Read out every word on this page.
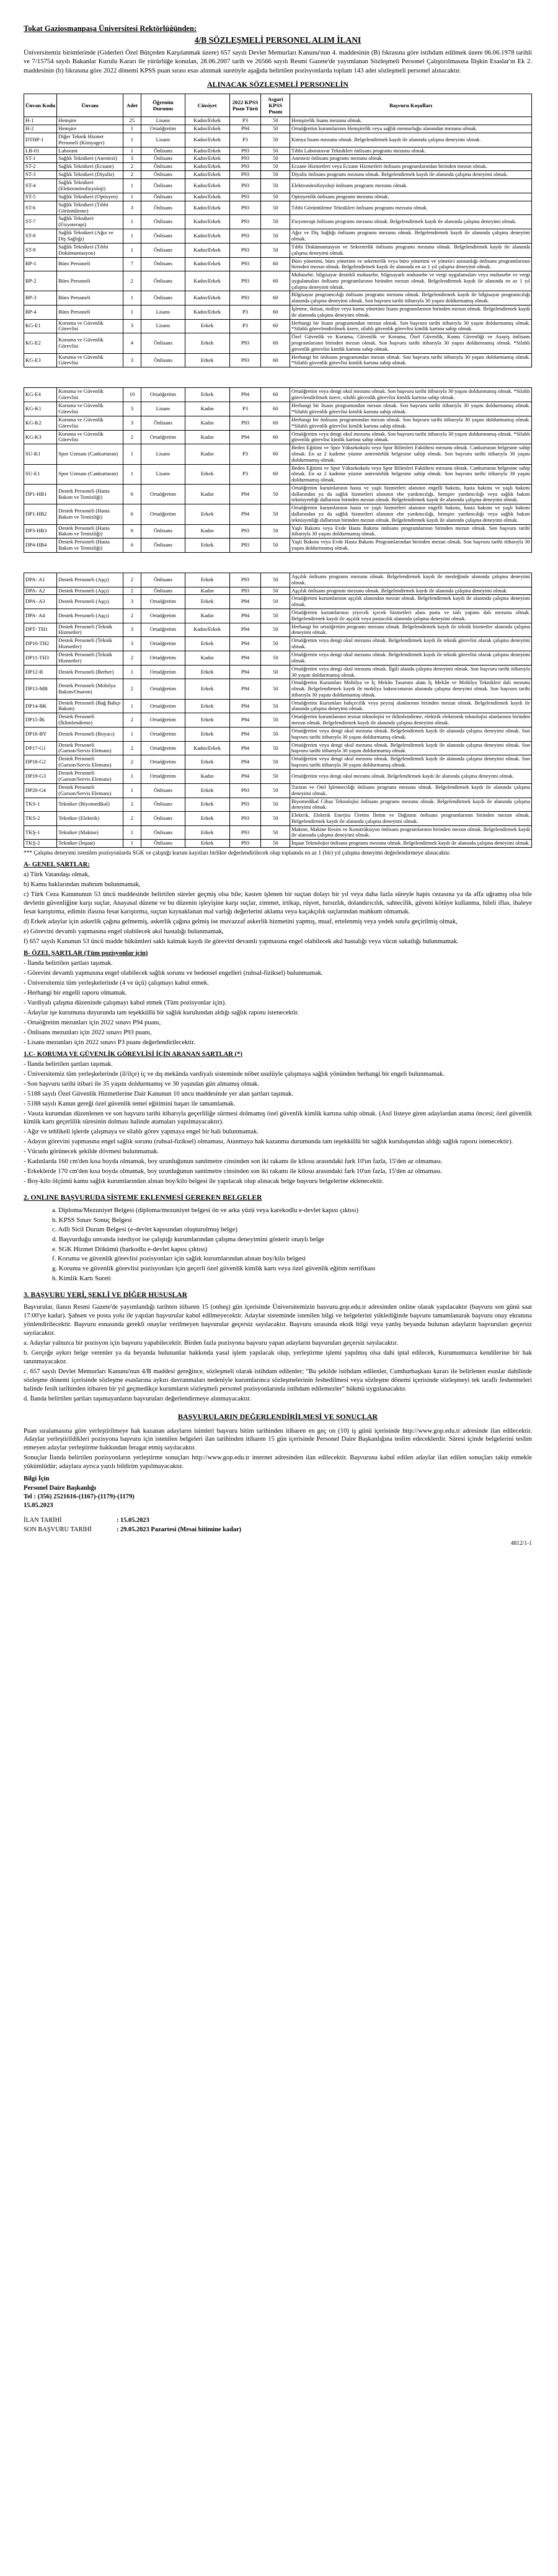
Tokat Gaziosmanpaşa Üniversitesi Rektörlüğünden:
4/B SÖZLEŞMELİ PERSONEL ALIM İLANI

Üniversitemiz birimlerinde (Giderleri Özel Bütçeden Karşılanmak üzere) 657 sayılı Devlet Memurları Kanunu'nun 4. maddesinin (B) fıkrasına göre istihdam edilmek üzere 06.06.1978 tarihli ve 7/15754 sayılı Bakanlar Kurulu Kararı ile yürürlüğe konulan, 28.06.2007 tarih ve 26566 sayılı Resmi Gazete'de yayımlanan Sözleşmeli Personel Çalıştırılmasına İlişkin Esaslar'ın Ek 2. maddesinin (b) fıkrasına göre 2022 dönemi KPSS puan sırası esas alınmak suretiyle aşağıda belirtilen pozisyonlarda toplam 143 adet sözleşmeli personel alınacaktır.

ALINACAK SÖZLEŞMELİ PERSONELİN
Ünvan Kodu	Ünvanı	Adet	Öğrenim Durumu	Cinsiyet	2022 KPSS Puan Türü	Asgari KPSS Puanı	Başvuru Koşulları
H-1	Hemşire	25	Lisans	Kadın/Erkek	P3	50	Hemşirelik lisans mezunu olmak.
H-2	Hemşire	1	Ortaöğretim	Kadın/Erkek	P94	50	Ortaöğretim kurumlarının Hemşirelik veya sağlık memurluğu alanından mezunu olmak.
DTHP-1	Diğer Teknik Hizmet Personeli (Kimyager)	1	Lisans	Kadın/Erkek	P3	50	Kimya lisans mezunu olmak. Belgelendirmek kaydı ile alanında çalışma deneyimi olmak.
LB-01	Laborant	1	Önlisans	Kadın/Erkek	P93	50	Tıbbi Laboratuvar Teknikleri önlisans programı mezunu olmak.
ST-1	Sağlık Teknikeri (Anestezi)	3	Önlisans	Kadın/Erkek	P93	50	Anestezi önlisans programı mezunu olmak.
ST-2	Sağlık Teknikeri (Eczane)	2	Önlisans	Kadın/Erkek	P93	50	Eczane Hizmetleri veya Eczane Hizmetleri önlisans programlarından birinden mezun olmak.
ST-3	Sağlık Teknikeri (Diyaliz)	2	Önlisans	Kadın/Erkek	P93	50	Diyaliz önlisans programı mezunu olmak. Belgelendirmek kaydı ile alanında çalışma deneyimi olmak.
ST-4	Sağlık Teknikeri (Elektronörofizyoloji)	1	Önlisans	Kadın/Erkek	P93	50	Elektronörofizyoloji önlisans programı mezunu olmak.
ST-5	Sağlık Teknikeri (Optisyen)	1	Önlisans	Kadın/Erkek	P93	50	Optisyenlik önlisans programı mezunu olmak.
ST-6	Sağlık Teknikeri (Tıbbi Görüntüleme)	3	Önlisans	Kadın/Erkek	P93	50	Tıbbi Görüntüleme Teknikleri önlisans programı mezunu olmak.
ST-7	Sağlık Teknikeri (Fizyoterapi)	1	Önlisans	Kadın/Erkek	P93	50	Fizyoterapi önlisans programı mezunu olmak. Belgelendirmek kaydı ile alanında çalışma deneyimi olmak.
ST-8	Sağlık Teknikeri (Ağız ve Diş Sağlığı)	1	Önlisans	Kadın/Erkek	P93	50	Ağız ve Diş Sağlığı önlisans programı mezunu olmak. Belgelendirmek kaydı ile alanında çalışma deneyimi olmak.
ST-9	Sağlık Teknikeri (Tıbbi Dokümantasyon)	1	Önlisans	Kadın/Erkek	P93	50	Tıbbi Dokümantasyon ve Sekreterlik önlisans programı mezunu olmak. Belgelendirmek kaydı ile alanında çalışma deneyimi olmak.
BP-1	Büro Personeli	7	Önlisans	Kadın/Erkek	P93	60	Büro yönetimi, büro yönetimi ve sekreterlik veya büro yönetimi ve yönetici asistanlığı önlisans programlarının birinden mezun olmak. Belgelendirmek kaydı ile alanında en az 1 yıl çalışma deneyimi olmak.
BP-2	Büro Personeli	2	Önlisans	Kadın/Erkek	P93	60	Muhasebe, bilgisayar destekli muhasebe, bilgisayarlı muhasebe ve vergi uygulamaları veya muhasebe ve vergi uygulamaları önlisans programlarının birinden mezun olmak. Belgelendirmek kaydı ile alanında en az 1 yıl çalışma deneyimi olmak.
BP-3	Büro Personeli	1	Önlisans	Kadın/Erkek	P93	60	Bilgisayar programcılığı önlisans programı mezunu olmak. Belgelendirmek kaydı ile bilgisayar programcılığı alanında çalışma deneyimi olmak. Son başvuru tarihi itibarıyla 30 yaşını doldurmamış olmak.
BP-4	Büro Personeli	1	Lisans	Kadın/Erkek	P3	60	İşletme, iktisat, maliye veya kamu yönetimi lisans programlarının birinden mezun olmak. Belgelendirmek kaydı ile alanında çalışma deneyimi olmak.
KG-E1	Koruma ve Güvenlik Görevlisi	3	Lisans	Erkek	P3	60	Herhangi bir lisans programından mezun olmak. Son başvuru tarihi itibarıyla 30 yaşını doldurmamış olmak. *Silahlı görevlendirilmek üzere, silahlı güvenlik görevlisi kimlik kartına sahip olmak.
KG-E2	Koruma ve Güvenlik Görevlisi	4	Önlisans	Erkek	P93	60	Özel Güvenlik ve Koruma, Güvenlik ve Koruma, Özel Güvenlik, Kamu Güvenliği ve Asayiş önlisans programlarının birinden mezun olmak. Son başvuru tarihi itibarıyla 30 yaşını doldurmamış olmak. *Silahlı güvenlik görevlisi kimlik kartına sahip olmak.
KG-E3	Koruma ve Güvenlik Görevlisi	3	Önlisans	Erkek	P93	60	Herhangi bir önlisans programından mezun olmak. Son başvuru tarihi itibarıyla 30 yaşını doldurmamış olmak. *Silahlı güvenlik görevlisi kimlik kartına sahip olmak.
KG-E4	Koruma ve Güvenlik Görevlisi	10	Ortaöğretim	Erkek	P94	60	Ortaöğretim veya dengi okul mezunu olmak. Son başvuru tarihi itibarıyla 30 yaşını doldurmamış olmak. *Silahlı görevlendirilmek üzere, silahlı güvenlik görevlisi kimlik kartına sahip olmak.
KG-K1	Koruma ve Güvenlik Görevlisi	3	Lisans	Kadın	P3	60	Herhangi bir lisans programından mezun olmak. Son başvuru tarihi itibarıyla 30 yaşını doldurmamış olmak. *Silahlı güvenlik görevlisi kimlik kartına sahip olmak.
KG-K2	Koruma ve Güvenlik Görevlisi	3	Önlisans	Kadın	P93	60	Herhangi bir önlisans programından mezun olmak. Son başvuru tarihi itibarıyla 30 yaşını doldurmamış olmak. *Silahlı güvenlik görevlisi kimlik kartına sahip olmak.
KG-K3	Koruma ve Güvenlik Görevlisi	2	Ortaöğretim	Kadın	P94	60	Ortaöğretim veya dengi okul mezunu olmak. Son başvuru tarihi itibarıyla 30 yaşını doldurmamış olmak. *Silahlı güvenlik görevlisi kimlik kartına sahip olmak.
SU-K1	Spor Uzmanı (Cankurtaran)	1	Lisans	Kadın	P3	60	Beden Eğitimi ve Spor Yüksekokulu veya Spor Bilimleri Fakültesi mezunu olmak. Cankurtaran belgesine sahip olmak. En az 2 kademe yüzme antrenörlük belgesine sahip olmak. Son başvuru tarihi itibarıyla 30 yaşını doldurmamış olmak.
SU-E1	Spor Uzmanı (Cankurtaran)	1	Lisans	Erkek	P3	60	Beden Eğitimi ve Spor Yüksekokulu veya Spor Bilimleri Fakültesi mezunu olmak. Cankurtaran belgesine sahip olmak. En az 2 kademe yüzme antrenörlük belgesine sahip olmak. Son başvuru tarihi itibarıyla 30 yaşını doldurmamış olmak.
DP1-HB1	Destek Personeli (Hasta Bakım ve Temizliği)	6	Ortaöğretim	Kadın	P94	50	Ortaöğretim kurumlarının hasta ve yaşlı hizmetleri alanının engelli bakımı, hasta bakımı ve yaşlı bakımı dallarından ya da sağlık hizmetleri alanının ebe yardımcılığı, hemşire yardımcılığı veya sağlık bakım teknisyenliği dallarının birinden mezun olmak. Belgelendirmek kaydı ile alanında çalışma deneyimi olmak.
DP1-HB2	Destek Personeli (Hasta Bakım ve Temizliği)	6	Ortaöğretim	Erkek	P94	50	Ortaöğretim kurumlarının hasta ve yaşlı hizmetleri alanının engelli bakımı, hasta bakımı ve yaşlı bakımı dallarından ya da sağlık hizmetleri alanının ebe yardımcılığı, hemşire yardımcılığı veya sağlık bakım teknisyenliği dallarının birinden mezun olmak. Belgelendirmek kaydı ile alanında çalışma deneyimi olmak.
DP3-HB3	Destek Personeli (Hasta Bakım ve Temizliği)	6	Önlisans	Kadın	P93	50	Yaşlı Bakımı veya Evde Hasta Bakımı önlisans programlarının birinden mezun olmak. Son başvuru tarihi itibarıyla 30 yaşını doldurmamış olmak.
DP4-HB4	Destek Personeli (Hasta Bakım ve Temizliği)	6	Önlisans	Erkek	P93	50	Yaşlı Bakımı veya Evde Hasta Bakımı Programlarından birinden mezun olmak. Son başvuru tarihi itibarıyla 30 yaşını doldurmamış olmak.
DPA- A1	Destek Personeli (Aşçı)	2	Önlisans	Erkek	P93	50	Aşçılık önlisans programı mezunu olmak. Belgelendirmek kaydı ile mesleğinde alanında çalışma deneyimi olmak.
DPA- A2	Destek Personeli (Aşçı)	2	Önlisans	Kadın	P93	50	Aşçılık önlisans programı mezunu olmak. Belgelendirmek kaydı ile alanında çalışma deneyimi olmak.
DPA- A3	Destek Personeli (Aşçı)	3	Ortaöğretim	Erkek	P94	50	Ortaöğretim kurumlarının aşçılık alanından mezun olmak. Belgelendirmek kaydı ile alanında çalışma deneyimi olmak.
DPA- A4	Destek Personeli (Aşçı)	2	Ortaöğretim	Kadın	P94	50	Ortaöğretim kurumlarının yiyecek içecek hizmetleri alanı pasta ve tatlı yapımı dalı mezunu olmak. Belgelendirmek kaydı ile aşçılık veya pastacılık alanında çalışma deneyimi olmak.
DPT- TH1	Destek Personeli (Teknik Hizmetler)	3	Ortaöğretim	Kadın/Erkek	P94	50	Herhangi bir ortaöğretim programı mezunu olmak. Belgelendirmek kaydı ile teknik hizmetler alanında çalışma deneyimi olmak.
DP10-TH2	Destek Personeli (Teknik Hizmetler)	3	Ortaöğretim	Erkek	P94	50	Ortaöğretim veya dengi okul mezunu olmak. Belgelendirmek kaydı ile teknik görevlisi olarak çalışma deneyimi olmak.
DP11-TH3	Destek Personeli (Teknik Hizmetler)	2	Ortaöğretim	Kadın	P94	50	Ortaöğretim veya dengi okul mezunu olmak. Belgelendirmek kaydı ile teknik görevlisi olarak çalışma deneyimi olmak.
DP12-B	Destek Personeli (Berber)	1	Ortaöğretim	Erkek	P94	50	Ortaöğretim veya dengi okul mezunu olmak. İlgili alanda çalışma deneyimi olmak. Son başvuru tarihi itibarıyla 30 yaşını doldurmamış olmak.
DP13-MB	Destek Personeli (Mobilya Bakım/Onarım)	2	Ortaöğretim	Erkek	P94	50	Ortaöğretim Kurumları Mobilya ve İç Mekân Tasarımı alanı İç Mekân ve Mobilya Teknikleri dalı mezunu olmak. Belgelendirmek kaydı ile mobilya bakım/onarım alanında çalışma deneyimi olmak. Son başvuru tarihi itibarıyla 30 yaşını doldurmamış olmak.
DP14-BK	Destek Personeli (Bağ Bahçe Bakım)	1	Ortaöğretim	Erkek	P94	50	Ortaöğretim Kurumları bahçecilik veya peyzaj alanlarının birinden mezun olmak. Belgelendirmek kaydı ile alanında çalışma deneyimi olmak.
DP15-İK	Destek Personeli (İklimlendirme)	2	Ortaöğretim	Erkek	P94	50	Ortaöğretim kurumlarının tesisat teknolojisi ve iklimlendirme, elektrik elektronik teknolojisi alanlarının birinden mezun olmak. Belgelendirmek kaydı ile alanında çalışma deneyimi olmak.
DP16-BY	Destek Personeli (Boyacı)	1	Ortaöğretim	Erkek	P94	50	Ortaöğretim veya dengi okul mezunu olmak. Belgelendirmek kaydı ile alanında çalışma deneyimi olmak. Son başvuru tarihi itibarıyla 30 yaşını doldurmamış olmak.
DP17-G1	Destek Personeli (Garson/Servis Elemanı)	2	Ortaöğretim	Kadın/Erkek	P94	50	Ortaöğretim veya dengi okul mezunu olmak. Belgelendirmek kaydı ile alanında çalışma deneyimi olmak. Son başvuru tarihi itibarıyla 30 yaşını doldurmamış olmak.
DP18-G2	Destek Personeli (Garson/Servis Elemanı)	2	Ortaöğretim	Erkek	P94	50	Ortaöğretim veya dengi okul mezunu olmak. Belgelendirmek kaydı ile alanında çalışma deneyimi olmak. Son başvuru tarihi itibarıyla 30 yaşını doldurmamış olmak.
DP19-G3	Destek Personeli (Garson/Servis Elemanı)	1	Ortaöğretim	Kadın	P94	50	Ortaöğretim veya dengi okul mezunu olmak. Belgelendirmek kaydı ile alanında çalışma deneyimi olmak.
DP20-G4	Destek Personeli (Garson/Servis Elemanı)	1	Önlisans	Erkek	P93	50	Turizm ve Otel İşletmeciliği önlisans programı mezunu olmak. Belgelendirmek kaydı ile alanında çalışma deneyimi olmak.
TKS-1	Tekniker (Biyomedikal)	2	Önlisans	Erkek	P93	50	Biyomedikal Cihaz Teknolojisi önlisans programı mezunu olmak. Belgelendirmek kaydı ile alanında çalışma deneyimi olmak.
TKS-2	Tekniker (Elektrik)	2	Önlisans	Erkek	P93	50	Elektrik, Elektrik Enerjisi Üretim İletim ve Dağıtımı önlisans programlarının birinden mezun olmak. Belgelendirmek kaydı ile alanında çalışma deneyimi olmak.
TKŞ-1	Tekniker (Makine)	1	Önlisans	Erkek	P93	50	Makine, Makine Resim ve Konstrüksiyon önlisans programlarının birinden mezun olmak. Belgelendirmek kaydı ile alanında çalışma deneyimi olmak.
TKŞ-2	Tekniker (İnşaat)	1	Önlisans	Erkek	P93	50	İnşaat Teknolojisi önlisans programı mezunu olmak. Belgelendirmek kaydı ile alanında çalışma deneyimi olmak.
*** Çalışma deneyimi istenilen pozisyonlarda SGK ve çalıştığı kurum kayıtları birlikte değerlendirilecek olup toplamda en az 1 (bir) yıl çalışma deneyimi değerlendirmeye alınacaktır.

A- GENEL ŞARTLAR:

a) Türk Vatandaşı olmak,

b) Kamu haklarından mahrum bulunmamak,

c) Türk Ceza Kanununun 53 üncü maddesinde belirtilen süreler geçmiş olsa bile; kasten işlenen bir suçtan dolayı bir yıl veya daha fazla süreyle hapis cezasına ya da affa uğramış olsa bile devletin güvenliğine karşı suçlar, Anayasal düzene ve bu düzenin işleyişine karşı suçlar, zimmet, irtikap, rüşvet, hırsızlık, dolandırıcılık, sahtecilik, güveni kötüye kullanma, hileli iflas, ihaleye fesat karıştırma, edimin ifasına fesat karıştırma, suçtan kaynaklanan mal varlığı değerlerini aklama veya kaçakçılık suçlarından mahkum olmamak.

d) Erkek adaylar için askerlik çağına gelmemiş, askerlik çağına gelmiş ise muvazzaf askerlik hizmetini yapmış, muaf, ertelenmiş veya yedek sınıfa geçirilmiş olmak,

e) Görevini devamlı yapmasına engel olabilecek akıl hastalığı bulunmamak,

f) 657 sayılı Kanunun 53 üncü madde hükümleri saklı kalmak kaydı ile görevini devamlı yapmasına engel olabilecek akıl hastalığı veya vücut sakatlığı bulunmamak.

B- ÖZEL ŞARTLAR (Tüm pozisyonlar için)

- İlanda belirtilen şartları taşımak.

- Görevini devamlı yapmasına engel olabilecek sağlık sorunu ve bedensel engelleri (ruhsal-fiziksel) bulunmamak.

- Üniversitemiz tüm yerleşkelerinde (4 ve üçü) çalışmayı kabul etmek.

- Herhangi bir engelli raporu olmamak.

- Vardiyalı çalışma düzeninde çalışmayı kabul etmek (Tüm pozisyonlar için).

- Adaylar işe kurumuna duyurunda tam teşekküllü bir sağlık kurulundan aldığı sağlık raporu istenecektir.

- Ortaöğretim mezunları için 2022 sınavı P94 puanı,

- Önlisans mezunları için 2022 sınavı P93 puanı,

- Lisans mezunları için 2022 sınavı P3 puanı değerlendirilecektir.

1.C- KORUMA VE GÜVENLİK GÖREVLİSİ İÇİN ARANAN ŞARTLAR (*)

- İlanda belirtilen şartları taşımak.

- Üniversitemiz tüm yerleşkelerinde (il/ilçe) iç ve dış mekânda vardiyalı sisteminde nöbet usulüyle çalışmaya sağlık yönünden herhangi bir engeli bulunmamak.

- Son başvuru tarihi itibari ile 35 yaşını doldurmamış ve 30 yaşından gün almamış olmak.

- 5188 sayılı Özel Güvenlik Hizmetlerine Dair Kanunun 10 uncu maddesinde yer alan şartları taşımak.

- 5188 sayılı Kanun gereği özel güvenlik temel eğitimini başarı ile tamamlamak.

- Vasıta kurumdan düzenlenen ve son başvuru tarihi itibarıyla geçerliliğe sürmesi dolmamış özel güvenlik kimlik kartına sahip olmak. (Asıl listeye giren adaylardan atama öncesi; özel güvenlik kimlik kartı geçerlilik süresinin dolması halinde atamaları yapılmayacaktır).

- Ağır ve tehlikeli işlerde çalışmaya ve silahlı görev yapmaya engel bir hali bulunmamak.

- Adayın görevini yapmasına engel sağlık sorunu (ruhsal-fiziksel) olmaması, Atanmaya hak kazanma durumunda tam teşekküllü bir sağlık kuruluşundan aldığı sağlık raporu istenecektir).

- Vücudu görünecek şekilde dövmesi bulunmamak.

- Kadınlarda 160 cm'den kısa boyda olmamak, boy uzunluğunun santimetre cinsinden son iki rakamı ile kilosu arasındaki fark 10'un fazla, 15'den az olmaması.

- Erkeklerde 170 cm'den kısa boyda olmamak, boy uzunluğunun santimetre cinsinden son iki rakamı ile kilosu arasındaki fark 10'un fazla, 15'den az olmaması.

- Boy-kilo ölçümü kamu sağlık kurumlarından alınan boy/kilo belgesi ile yapılacak olup alınacak belge başvuru belgelerine eklenecektir.

2. ONLINE BAŞVURUDA SİSTEME EKLENMESİ GEREKEN BELGELER
a. Diploma/Mezuniyet Belgesi (diploma/mezuniyet belgesi ön ve arka yüzü veya karekodlu e-devlet kapısı çıktısı)
b. KPSS Sınav Sonuç Belgesi
c. Adli Sicil Durum Belgesi (e-devlet kapısından oluşturulmuş belge)
d. Başvurduğu unvanda istediyor ise çalıştığı kurumlarından çalışma deneyimini gösterir onaylı belge
e. SGK Hizmet Dökümü (barkodlu e-devlet kapısı çıktısı)
f. Koruma ve güvenlik görevlisi pozisyonları için sağlık kurumlarından alınan boy/kilo belgesi
g. Koruma ve güvenlik görevlisi pozisyonları için geçerli özel güvenlik kimlik kartı veya özel güvenlik eğitim sertifikası
h. Kimlik Kartı Sureti
3. BAŞVURU YERİ, ŞEKLİ VE DİĞER HUSUSLAR

Başvurular, ilanın Resmi Gazete'de yayımlandığı tarihten itibaren 15 (onbeş) gün içerisinde Üniversitemizin basvuru.gop.edu.tr adresinden online olarak yapılacaktır (başvuru son günü saat 17:00'ye kadar). Şahsen ve posta yolu ile yapılan başvurular kabul edilmeyecektir. Adaylar sisteminde istenilen bilgi ve belgelerini yüklediğinde başvuru tamamlanarak başvuru onay ekranına yönlendirilecektir. Başvuru esnasında gerekli onaylar verilmeyen başvurular geçersiz sayılacaktır. Başvuru sırasında eksik bilgi veya yanlış beyanda bulunan adayların başvuruları geçersiz sayılacaktır.

a. Adaylar yalnızca bir pozisyon için başvuru yapabilecektir. Birden fazla pozisyona başvuru yapan adayların başvuruları geçersiz sayılacaktır.

b. Gerçeğe aykırı belge verenler ya da beyanda bulunanlar hakkında yasal işlem yapılacak olup, yerleştirme işlemi yapılmış olsa dahi iptal edilecek, Kurumumuzca kendilerine bir hak tanınmayacaktır.

c. 657 sayılı Devlet Memurları Kanunu'nun 4/B maddesi gereğince, sözleşmeli olarak istihdam edilenler; "Bu şekilde istihdam edilenler, Cumhurbaşkanı kararı ile belirlenen esaslar dahilinde sözleşme dönemi içerisinde sözleşme esaslarına aykırı davranmaları nedeniyle kurumlarınca sözleşmelerinin feshedilmesi veya sözleşme dönemi içerisinde sözleşmeyi tek taraflı feshetmeleri halinde fesih tarihinden itibaren bir yıl geçmedikçe kurumların sözleşmeli personel pozisyonlarında istihdam edilemezler" hükmü uygulanacaktır.

d. İlanda belirtilen şartları taşımayanların başvuruları değerlendirmeye alınmayacaktır.

BAŞVURULARIN DEĞERLENDİRİLMESİ VE SONUÇLAR

Puan sıralamasına göre yerleştirilmeye hak kazanan adayların isimleri başvuru bitim tarihinden itibaren en geç on (10) iş günü içerisinde http://www.gop.edu.tr adresinde ilan edilecektir. Adaylar yerleştirildikleri pozisyona başvuru için istenilen belgeleri ilan tarihinden itibaren 15 gün içerisinde Personel Daire Başkanlığına teslim edeceklerdir. Süresi içinde belgelerini teslim etmeyen adaylar yerleştirme hakkından feragat etmiş sayılacaktır.

Sonuçlar İlanda belirtilen pozisyonların yerleştirme sonuçları http://www.gop.edu.tr internet adresinden ilan edilecektir. Başvurusu kabul edilen adaylar ilan edilen sonuçları takip etmekle yükümlüdür; adaylara ayrıca yazılı bildirim yapılmayacaktır.

Bilgi İçin
Personel Daire Başkanlığı
Tel : (356) 2521616-(1167)-(1179)-(1179)
15.05.2023
İLAN TARİHİ	: 15.05.2023
SON BAŞVURU TARİHİ	: 29.05.2023 Pazartesi (Mesai bitimine kadar)
4812/1-1
